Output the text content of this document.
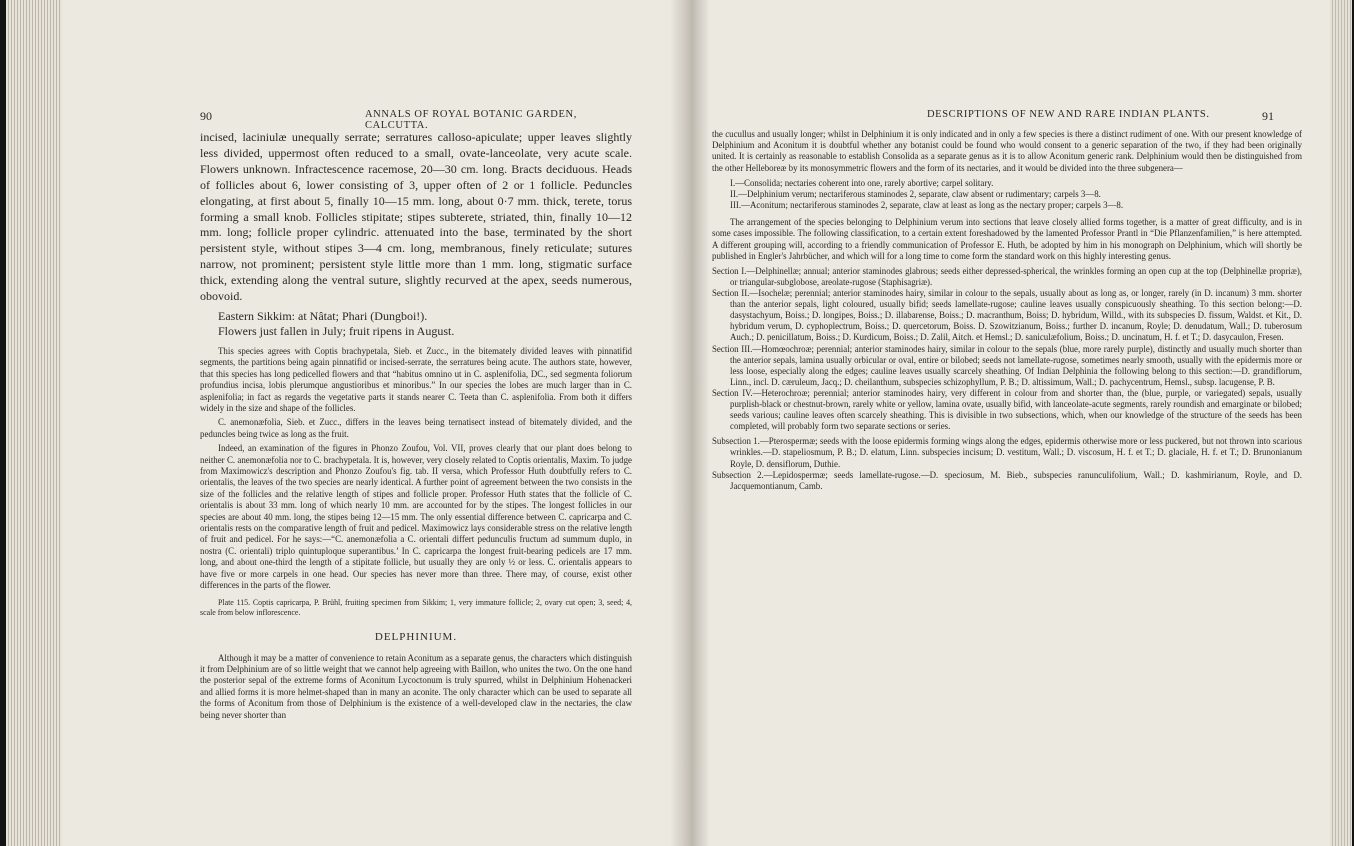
90	ANNALS OF ROYAL BOTANIC GARDEN, CALCUTTA.

incised, laciniulæ unequally serrate; serratures calloso-apiculate; upper leaves slightly less divided, uppermost often reduced to a small, ovate-lanceolate, very acute scale. Flowers unknown. Infractescence racemose, 20—30 cm. long. Bracts deciduous. Heads of follicles about 6, lower consisting of 3, upper often of 2 or 1 follicle. Peduncles elongating, at first about 5, finally 10—15 mm. long, about 0·7 mm. thick, terete, torus forming a small knob. Follicles stipitate; stipes subterete, striated, thin, finally 10—12 mm. long; follicle proper cylindric. attenuated into the base, terminated by the short persistent style, without stipes 3—4 cm. long, membranous, finely reticulate; sutures narrow, not prominent; persistent style little more than 1 mm. long, stigmatic surface thick, extending along the ventral suture, slightly recurved at the apex, seeds numerous, obovoid.

Eastern Sikkim: at Nâtat; Phari (Dungboi!).

Flowers just fallen in July; fruit ripens in August.

This species agrees with Coptis brachypetala, Sieb. et Zucc., in the bitemately divided leaves with pinnatifid segments, the partitions being again pinnatifid or incised-serrate, the serratures being acute. The authors state, however, that this species has long pedicelled flowers and that “habitus omnino ut in C. asplenifolia, DC., sed segmenta foliorum profundius incisa, lobis plerumque angustioribus et minoribus.” In our species the lobes are much larger than in C. asplenifolia; in fact as regards the vegetative parts it stands nearer C. Teeta than C. asplenifolia. From both it differs widely in the size and shape of the follicles.

C. anemonæfolia, Sieb. et Zucc., differs in the leaves being ternatisect instead of bitemately divided, and the peduncles being twice as long as the fruit.

Indeed, an examination of the figures in Phonzo Zoufou, Vol. VII, proves clearly that our plant does belong to neither C. anemonæfolia nor to C. brachypetala. It is, however, very closely related to Coptis orientalis, Maxim. To judge from Maximowicz's description and Phonzo Zoufou's fig. tab. II versa, which Professor Huth doubtfully refers to C. orientalis, the leaves of the two species are nearly identical. A further point of agreement between the two consists in the size of the follicles and the relative length of stipes and follicle proper. Professor Huth states that the follicle of C. orientalis is about 33 mm. long of which nearly 10 mm. are accounted for by the stipes. The longest follicles in our species are about 40 mm. long, the stipes being 12—15 mm. The only essential difference between C. capricarpa and C. orientalis rests on the comparative length of fruit and pedicel. Maximowicz lays considerable stress on the relative length of fruit and pedicel. For he says:—“C. anemonæfolia a C. orientali differt pedunculis fructum ad summum duplo, in nostra (C. orientali) triplo quintuploque superantibus.’ In C. capricarpa the longest fruit-bearing pedicels are 17 mm. long, and about one-third the length of a stipitate follicle, but usually they are only ½ or less. C. orientalis appears to have five or more carpels in one head. Our species has never more than three. There may, of course, exist other differences in the parts of the flower.

Plate 115. Coptis capricarpa, P. Brühl, fruiting specimen from Sikkim; 1, very immature follicle; 2, ovary cut open; 3, seed; 4, scale from below inflorescence.

DELPHINIUM.

Although it may be a matter of convenience to retain Aconitum as a separate genus, the characters which distinguish it from Delphinium are of so little weight that we cannot help agreeing with Baillon, who unites the two. On the one hand the posterior sepal of the extreme forms of Aconitum Lycoctonum is truly spurred, whilst in Delphinium Hohenackeri and allied forms it is more helmet-shaped than in many an aconite. The only character which can be used to separate all the forms of Aconitum from those of Delphinium is the existence of a well-developed claw in the nectaries, the claw being never shorter than

DESCRIPTIONS OF NEW AND RARE INDIAN PLANTS.	91

the cucullus and usually longer; whilst in Delphinium it is only indicated and in only a few species is there a distinct rudiment of one. With our present knowledge of Delphinium and Aconitum it is doubtful whether any botanist could be found who would consent to a generic separation of the two, if they had been originally united. It is certainly as reasonable to establish Consolida as a separate genus as it is to allow Aconitum generic rank. Delphinium would then be distinguished from the other Helleboreæ by its monosymmetric flowers and the form of its nectaries, and it would be divided into the three subgenera—

I.—Consolida; nectaries coherent into one, rarely abortive; carpel solitary.

II.—Delphinium verum; nectariferous staminodes 2, separate, claw absent or rudimentary; carpels 3—8.

III.—Aconitum; nectariferous staminodes 2, separate, claw at least as long as the nectary proper; carpels 3—8.

The arrangement of the species belonging to Delphinium verum into sections that leave closely allied forms together, is a matter of great difficulty, and is in some cases impossible. The following classification, to a certain extent foreshadowed by the lamented Professor Prantl in “Die Pflanzenfamilien,” is here attempted. A different grouping will, according to a friendly communication of Professor E. Huth, be adopted by him in his monograph on Delphinium, which will shortly be published in Engler's Jahrbücher, and which will for a long time to come form the standard work on this highly interesting genus.

Section I.—Delphinellæ; annual; anterior staminodes glabrous; seeds either depressed-spherical, the wrinkles forming an open cup at the top (Delphinellæ propriæ), or triangular-subglobose, areolate-rugose (Staphisagriæ).

Section II.—Isochelæ; perennial; anterior staminodes hairy, similar in colour to the sepals, usually about as long as, or longer, rarely (in D. incanum) 3 mm. shorter than the anterior sepals, light coloured, usually bifid; seeds lamellate-rugose; cauline leaves usually conspicuously sheathing. To this section belong:—D. dasystachyum, Boiss.; D. longipes, Boiss.; D. illabarense, Boiss.; D. macranthum, Boiss; D. hybridum, Willd., with its subspecies D. fissum, Waldst. et Kit., D. hybridum verum, D. cyphoplectrum, Boiss.; D. quercetorum, Boiss. D. Szowitzianum, Boiss.; further D. incanum, Royle; D. denudatum, Wall.; D. tuberosum Auch.; D. penicillatum, Boiss.; D. Kurdicum, Boiss.; D. Zalil, Aitch. et Hemsl.; D. saniculæfolium, Boiss.; D. uncinatum, H. f. et T.; D. dasycaulon, Fresen.

Section III.—Homœochroæ; perennial; anterior staminodes hairy, similar in colour to the sepals (blue, more rarely purple), distinctly and usually much shorter than the anterior sepals, lamina usually orbicular or oval, entire or bilobed; seeds not lamellate-rugose, sometimes nearly smooth, usually with the epidermis more or less loose, especially along the edges; cauline leaves usually scarcely sheathing. Of Indian Delphinia the following belong to this section:—D. grandiflorum, Linn., incl. D. cæruleum, Jacq.; D. cheilanthum, subspecies schizophyllum, P. B.; D. altissimum, Wall.; D. pachycentrum, Hemsl., subsp. lacugense, P. B.

Section IV.—Heterochroæ; perennial; anterior staminodes hairy, very different in colour from and shorter than, the (blue, purple, or variegated) sepals, usually purplish-black or chestnut-brown, rarely white or yellow, lamina ovate, usually bifid, with lanceolate-acute segments, rarely roundish and emarginate or bilobed; seeds various; cauline leaves often scarcely sheathing. This is divisible in two subsections, which, when our knowledge of the structure of the seeds has been completed, will probably form two separate sections or series.

Subsection 1.—Pterospermæ; seeds with the loose epidermis forming wings along the edges, epidermis otherwise more or less puckered, but not thrown into scarious wrinkles.—D. stapeliosmum, P. B.; D. elatum, Linn. subspecies incisum; D. vestitum, Wall.; D. viscosum, H. f. et T.; D. glaciale, H. f. et T.; D. Brunonianum Royle, D. densiflorum, Duthie.

Subsection 2.—Lepidospermæ; seeds lamellate-rugose.—D. speciosum, M. Bieb., subspecies ranunculifolium, Wall.; D. kashmirianum, Royle, and D. Jacquemontianum, Camb.
